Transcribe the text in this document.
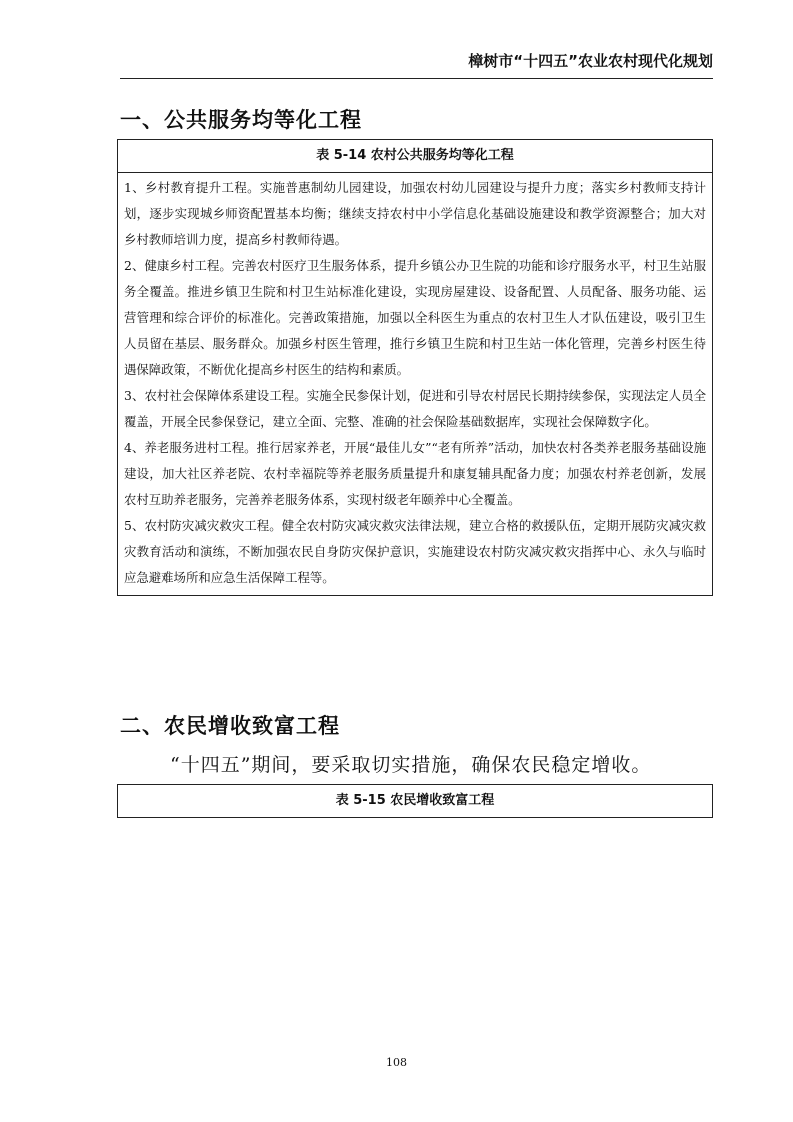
樟树市“十四五”农业农村现代化规划
一、公共服务均等化工程
表 5-14 农村公共服务均等化工程

1、乡村教育提升工程。实施普惠制幼儿园建设，加强农村幼儿园建设与提升力度；落实乡村教师支持计划，逐步实现城乡师资配置基本均衡；继续支持农村中小学信息化基础设施建设和教学资源整合；加大对乡村教师培训力度，提高乡村教师待遇。

2、健康乡村工程。完善农村医疗卫生服务体系，提升乡镇公办卫生院的功能和诊疗服务水平，村卫生站服务全覆盖。推进乡镇卫生院和村卫生站标准化建设，实现房屋建设、设备配置、人员配备、服务功能、运营管理和综合评价的标准化。完善政策措施，加强以全科医生为重点的农村卫生人才队伍建设，吸引卫生人员留在基层、服务群众。加强乡村医生管理，推行乡镇卫生院和村卫生站一体化管理，完善乡村医生待遇保障政策，不断优化提高乡村医生的结构和素质。

3、农村社会保障体系建设工程。实施全民参保计划，促进和引导农村居民长期持续参保，实现法定人员全覆盖，开展全民参保登记，建立全面、完整、准确的社会保险基础数据库，实现社会保障数字化。

4、养老服务进村工程。推行居家养老，开展“最佳儿女”“老有所养”活动，加快农村各类养老服务基础设施建设，加大社区养老院、农村幸福院等养老服务质量提升和康复辅具配备力度；加强农村养老创新，发展农村互助养老服务，完善养老服务体系，实现村级老年颐养中心全覆盖。

5、农村防灾减灾救灾工程。健全农村防灾减灾救灾法律法规，建立合格的救援队伍，定期开展防灾减灾救灾教育活动和演练，不断加强农民自身防灾保护意识，实施建设农村防灾减灾救灾指挥中心、永久与临时应急避难场所和应急生活保障工程等。

二、农民增收致富工程
“十四五”期间，要采取切实措施，确保农民稳定增收。
表 5-15 农民增收致富工程
108
